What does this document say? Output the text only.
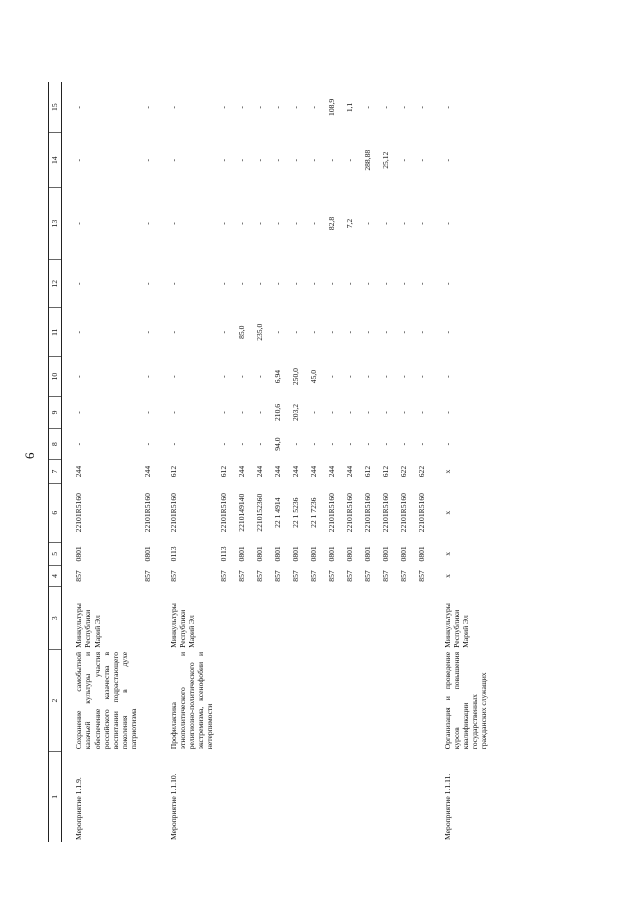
6
1	2	3	4	5	6	7	8	9	10	11	12	13	14	15
Мероприятие 1.1.9.	Сохранение самобытной казачьей культуры и обеспечение участия российского казачества в воспитании подрастающего поколения в духе патриотизма	Минкультуры Республики Марий Эл	857	0801	22101R5160	244	-	-	-	-	-	-	-	-
			857	0801	22101R5160	244	-	-	-	-	-	-	-	-
Мероприятие 1.1.10.	Профилактика этнополитического и религиозно-политического экстремизма, ксенофобии и нетерпимости	Минкультуры Республики Марий Эл	857	0113	22101R5160	612	-	-	-	-	-	-	-	-
			857	0113	22101R5160	612	-	-	-	-	-	-	-	-
			857	0801	2210149140	244	-	-	-	85,0	-	-	-	-
			857	0801	2210152360	244	-	-	-	235,0	-	-	-	-
			857	0801	22 1 4914	244	94,0	210,6	6,94	-	-	-	-	-
			857	0801	22 1 5236	244	-	203,2	250,0	-	-	-	-	-
			857	0801	22 1 7236	244	-	-	45,0	-	-	-	-	-
			857	0801	22101R5160	244	-	-	-	-	-	82,8	-	108,9
			857	0801	22101R5160	244	-	-	-	-	-	7,2	-	1,1
			857	0801	22101R5160	612	-	-	-	-	-	-	288,88	-
			857	0801	22101R5160	612	-	-	-	-	-	-	25,12	-
			857	0801	22101R5160	622	-	-	-	-	-	-	-	-
			857	0801	22101R5160	622	-	-	-	-	-	-	-	-
Мероприятие 1.1.11.	Организация и проведение курсов повышения квалификации государственных гражданских служащих	Минкультуры Республики Марий Эл	x	x	x	x	-	-	-	-	-	-	-	-
